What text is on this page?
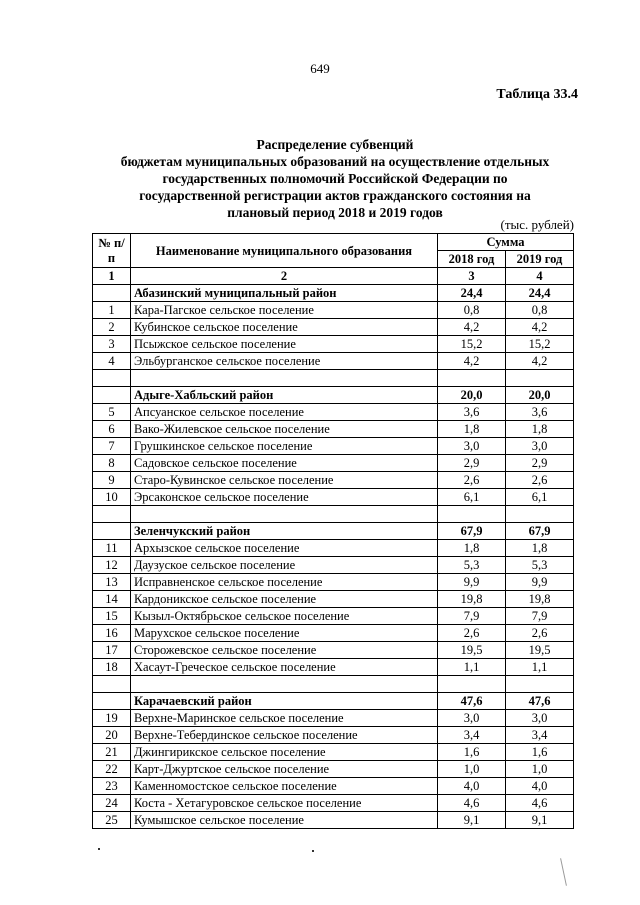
649
Таблица 33.4
Распределение субвенций
бюджетам муниципальных образований на осуществление отдельных
государственных полномочий Российской Федерации по
государственной регистрации актов гражданского состояния на
плановый период 2018 и 2019 годов
(тыс. рублей)
№ п/п	Наименование муниципального образования	Сумма	
		2018 год	2019 год
1	2	3	4
	Абазинский муниципальный район	24,4	24,4
1	Кара-Пагское сельское поселение	0,8	0,8
2	Кубинское сельское поселение	4,2	4,2
3	Псыжское сельское поселение	15,2	15,2
4	Эльбурганское сельское поселение	4,2	4,2

	Адыге-Хабльский район	20,0	20,0
5	Апсуанское сельское поселение	3,6	3,6
6	Вако-Жилевское сельское поселение	1,8	1,8
7	Грушкинское сельское поселение	3,0	3,0
8	Садовское сельское поселение	2,9	2,9
9	Старо-Кувинское сельское поселение	2,6	2,6
10	Эрсаконское сельское поселение	6,1	6,1

	Зеленчукский район	67,9	67,9
11	Архызское сельское поселение	1,8	1,8
12	Даузуское сельское поселение	5,3	5,3
13	Исправненское сельское поселение	9,9	9,9
14	Кардоникское сельское поселение	19,8	19,8
15	Кызыл-Октябрьское сельское поселение	7,9	7,9
16	Марухское сельское поселение	2,6	2,6
17	Сторожевское сельское поселение	19,5	19,5
18	Хасаут-Греческое сельское поселение	1,1	1,1

	Карачаевский район	47,6	47,6
19	Верхне-Маринское сельское поселение	3,0	3,0
20	Верхне-Тебердинское сельское поселение	3,4	3,4
21	Джингирикское сельское поселение	1,6	1,6
22	Карт-Джуртское сельское поселение	1,0	1,0
23	Каменномостское сельское поселение	4,0	4,0
24	Коста - Хетагуровское сельское поселение	4,6	4,6
25	Кумышское сельское поселение	9,1	9,1
